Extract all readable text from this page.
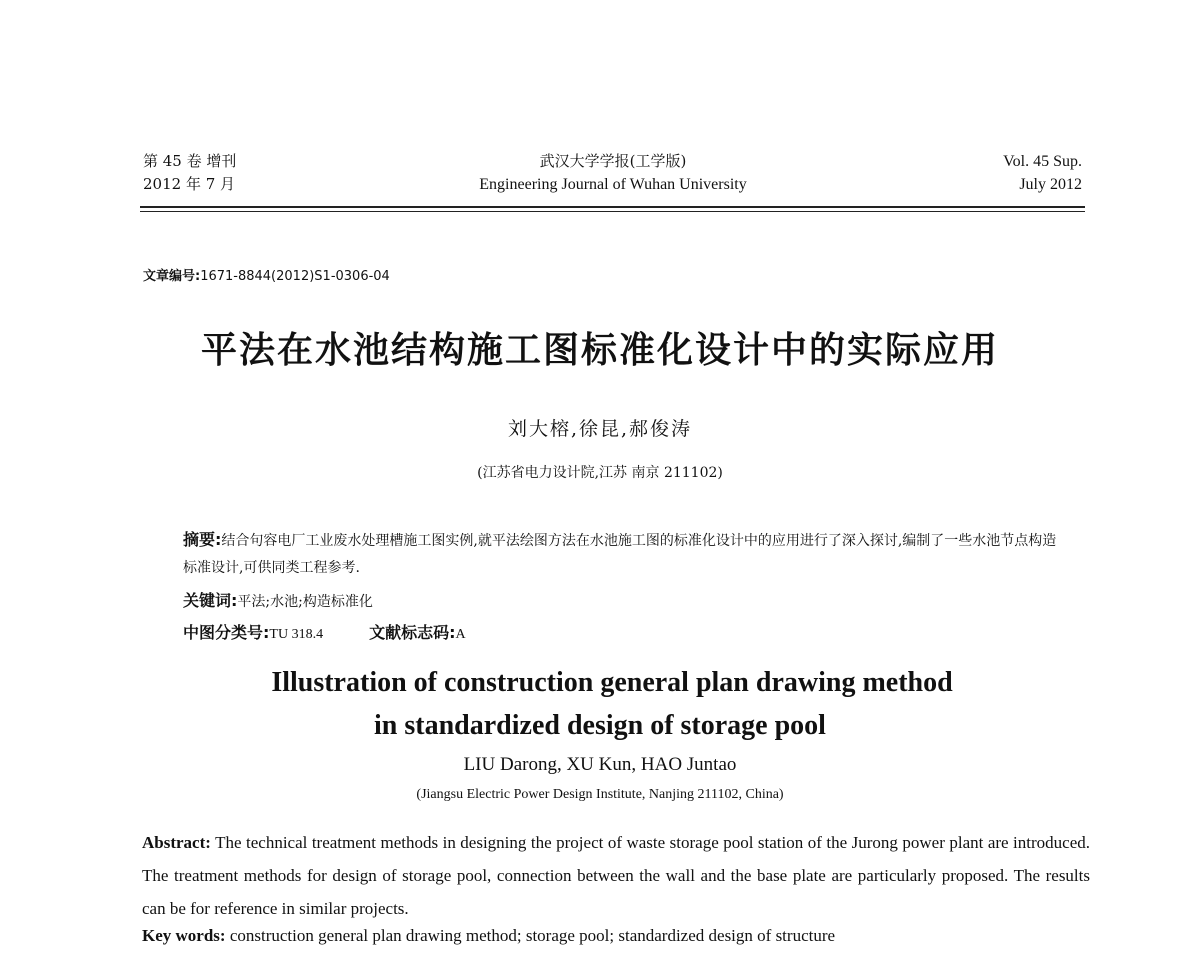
第 45 卷 增刊
2012 年 7 月
武汉大学学报(工学版)
Engineering Journal of Wuhan University
Vol. 45 Sup.
July 2012
文章编号:1671-8844(2012)S1-0306-04
平法在水池结构施工图标准化设计中的实际应用
刘大榕,徐昆,郝俊涛
(江苏省电力设计院,江苏 南京 211102)
摘要:结合句容电厂工业废水处理槽施工图实例,就平法绘图方法在水池施工图的标准化设计中的应用进行了深入探讨,编制了一些水池节点构造标准设计,可供同类工程参考.
关键词:平法;水池;构造标准化
中图分类号:TU 318.4	文献标志码:A
Illustration of construction general plan drawing method
in standardized design of storage pool
LIU Darong, XU Kun, HAO Juntao
(Jiangsu Electric Power Design Institute, Nanjing 211102, China)
Abstract: The technical treatment methods in designing the project of waste storage pool station of the Jurong power plant are introduced. The treatment methods for design of storage pool, connection between the wall and the base plate are particularly proposed. The results can be for reference in similar projects.
Key words: construction general plan drawing method; storage pool; standardized design of structure
